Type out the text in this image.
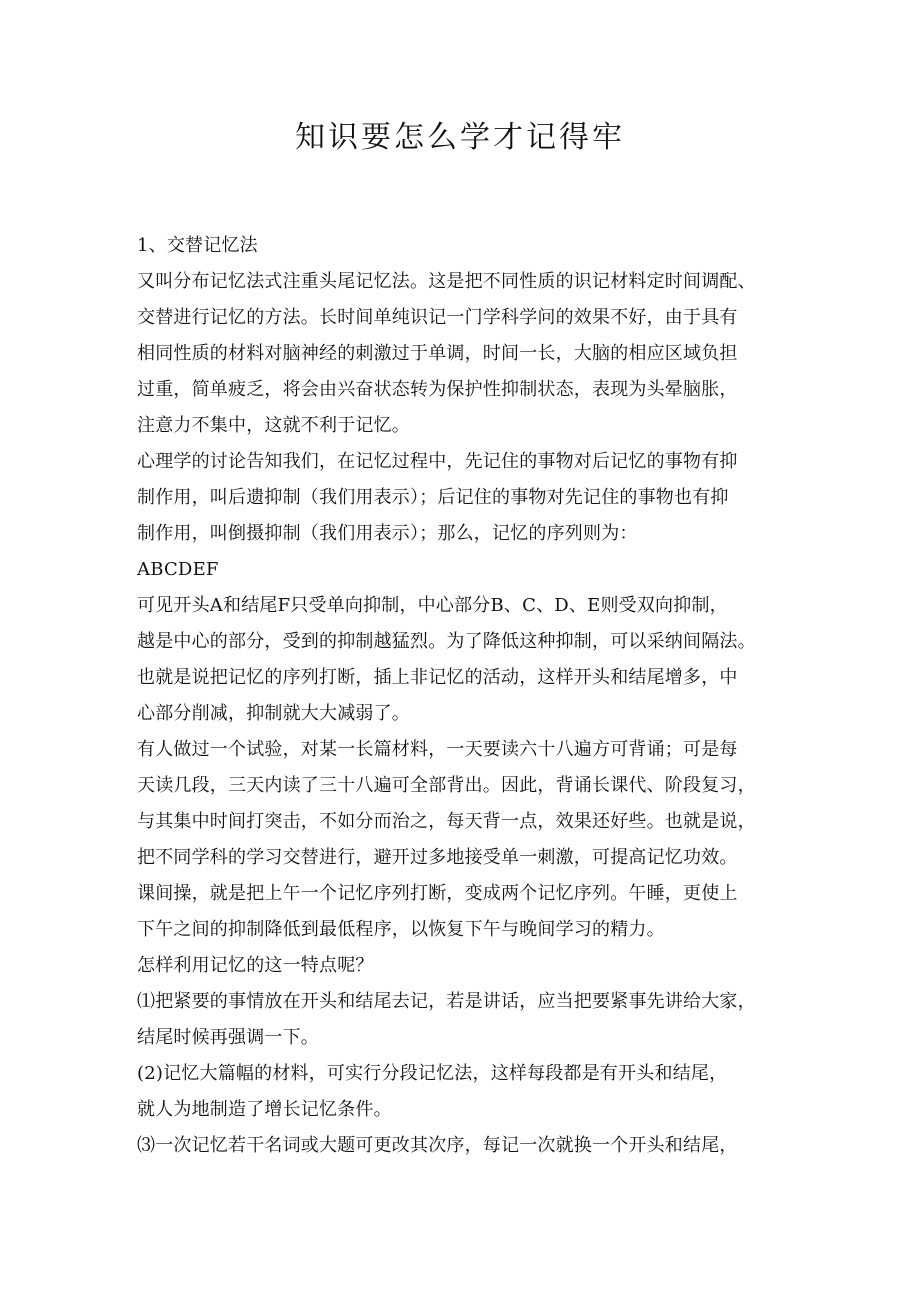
知识要怎么学才记得牢
1、交替记忆法
又叫分布记忆法式注重头尾记忆法。这是把不同性质的识记材料定时间调配、
交替进行记忆的方法。长时间单纯识记一门学科学问的效果不好，由于具有
相同性质的材料对脑神经的刺激过于单调，时间一长，大脑的相应区域负担
过重，简单疲乏，将会由兴奋状态转为保护性抑制状态，表现为头晕脑胀，
注意力不集中，这就不利于记忆。
心理学的讨论告知我们，在记忆过程中，先记住的事物对后记忆的事物有抑
制作用，叫后遗抑制（我们用表示）；后记住的事物对先记住的事物也有抑
制作用，叫倒摄抑制（我们用表示）；那么，记忆的序列则为：
ABCDEF
可见开头A和结尾F只受单向抑制，中心部分B、C、D、E则受双向抑制，
越是中心的部分，受到的抑制越猛烈。为了降低这种抑制，可以采纳间隔法。
也就是说把记忆的序列打断，插上非记忆的活动，这样开头和结尾增多，中
心部分削减，抑制就大大减弱了。
有人做过一个试验，对某一长篇材料，一天要读六十八遍方可背诵；可是每
天读几段，三天内读了三十八遍可全部背出。因此，背诵长课代、阶段复习，
与其集中时间打突击，不如分而治之，每天背一点，效果还好些。也就是说，
把不同学科的学习交替进行，避开过多地接受单一刺激，可提高记忆功效。
课间操，就是把上午一个记忆序列打断，变成两个记忆序列。午睡，更使上
下午之间的抑制降低到最低程序，以恢复下午与晚间学习的精力。
怎样利用记忆的这一特点呢？
⑴把紧要的事情放在开头和结尾去记，若是讲话，应当把要紧事先讲给大家，
结尾时候再强调一下。
(2)记忆大篇幅的材料，可实行分段记忆法，这样每段都是有开头和结尾，
就人为地制造了增长记忆条件。
⑶一次记忆若干名词或大题可更改其次序，每记一次就换一个开头和结尾，
